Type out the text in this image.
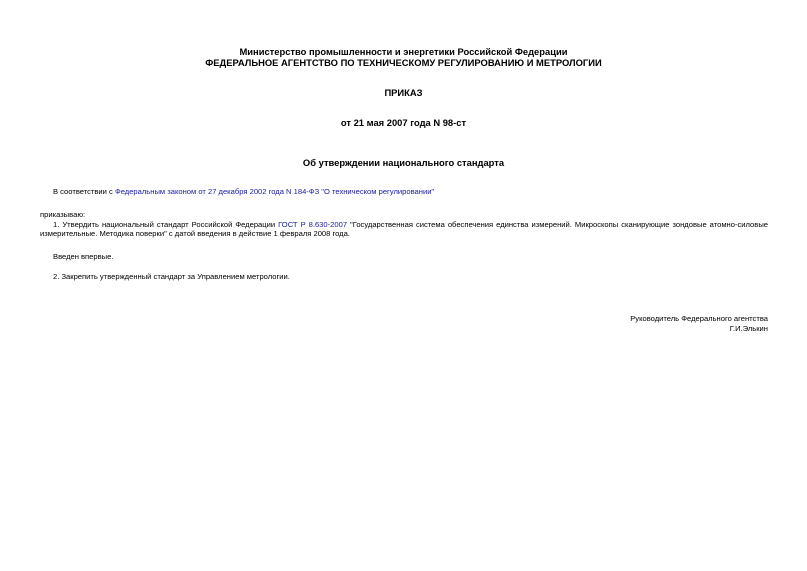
Министерство промышленности и энергетики Российской Федерации
ФЕДЕРАЛЬНОЕ АГЕНТСТВО ПО ТЕХНИЧЕСКОМУ РЕГУЛИРОВАНИЮ И МЕТРОЛОГИИ
ПРИКАЗ
от 21 мая 2007 года N 98-ст
Об утверждении национального стандарта
В соответствии с Федеральным законом от 27 декабря 2002 года N 184-ФЗ "О техническом регулировании"
приказываю:
1. Утвердить национальный стандарт Российской Федерации ГОСТ Р 8.630-2007 "Государственная система обеспечения единства измерений. Микроскопы сканирующие зондовые атомно-силовые измерительные. Методика поверки" с датой введения в действие 1 февраля 2008 года.
Введен впервые.
2. Закрепить утвержденный стандарт за Управлением метрологии.
Руководитель Федерального агентства
Г.И.Элькин
